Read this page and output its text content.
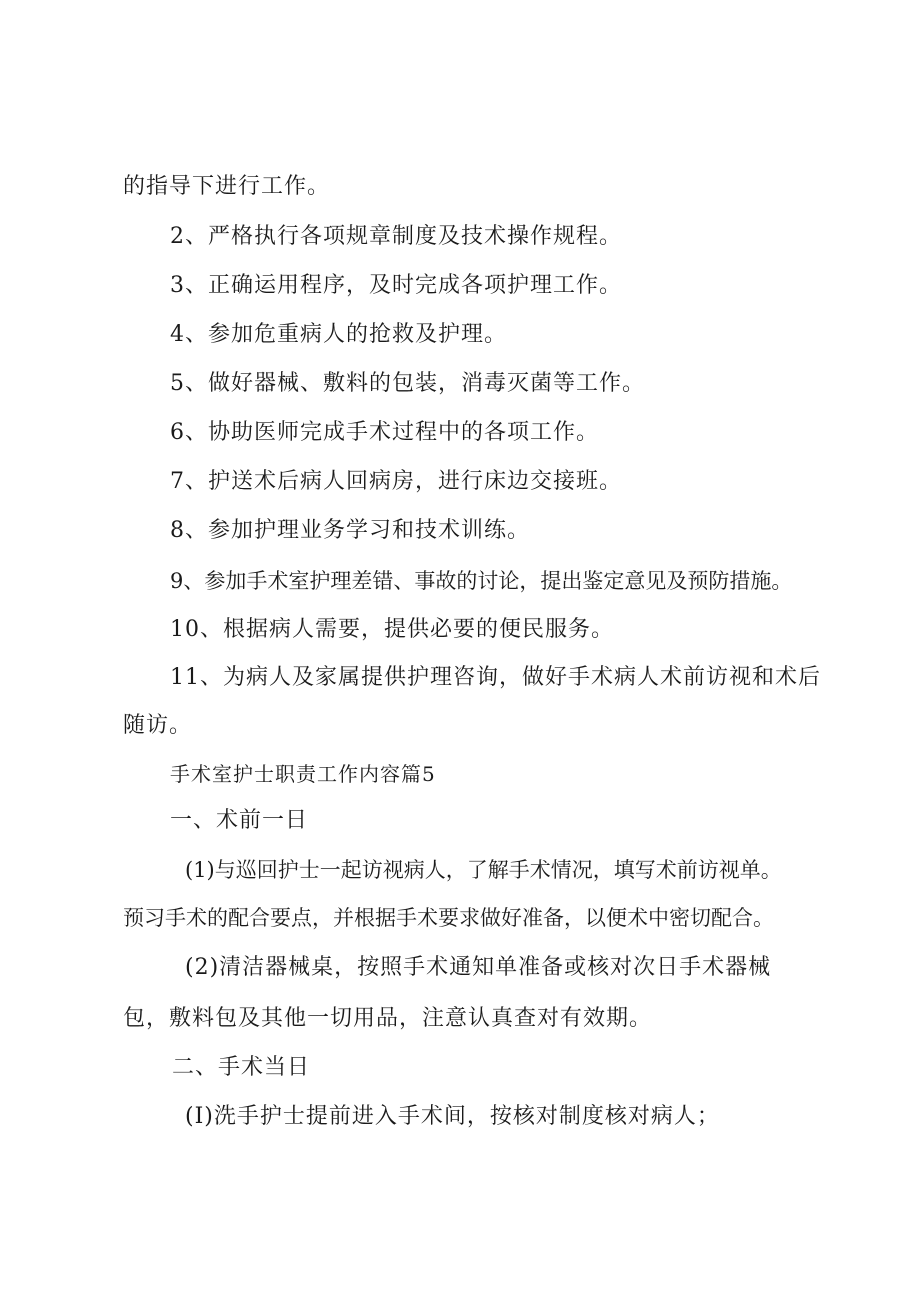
的指导下进行工作。
2、严格执行各项规章制度及技术操作规程。
3、正确运用程序，及时完成各项护理工作。
4、参加危重病人的抢救及护理。
5、做好器械、敷料的包装，消毒灭菌等工作。
6、协助医师完成手术过程中的各项工作。
7、护送术后病人回病房，进行床边交接班。
8、参加护理业务学习和技术训练。
9、参加手术室护理差错、事故的讨论，提出鉴定意见及预防措施。
10、根据病人需要，提供必要的便民服务。
11、为病人及家属提供护理咨询，做好手术病人术前访视和术后
随访。
手术室护士职责工作内容篇5
一、术前一日
(1)与巡回护士一起访视病人，了解手术情况，填写术前访视单。
预习手术的配合要点，并根据手术要求做好准备，以便术中密切配合。
(2)清洁器械桌，按照手术通知单准备或核对次日手术器械
包，敷料包及其他一切用品，注意认真查对有效期。
二、手术当日
(I)洗手护士提前进入手术间，按核对制度核对病人；
